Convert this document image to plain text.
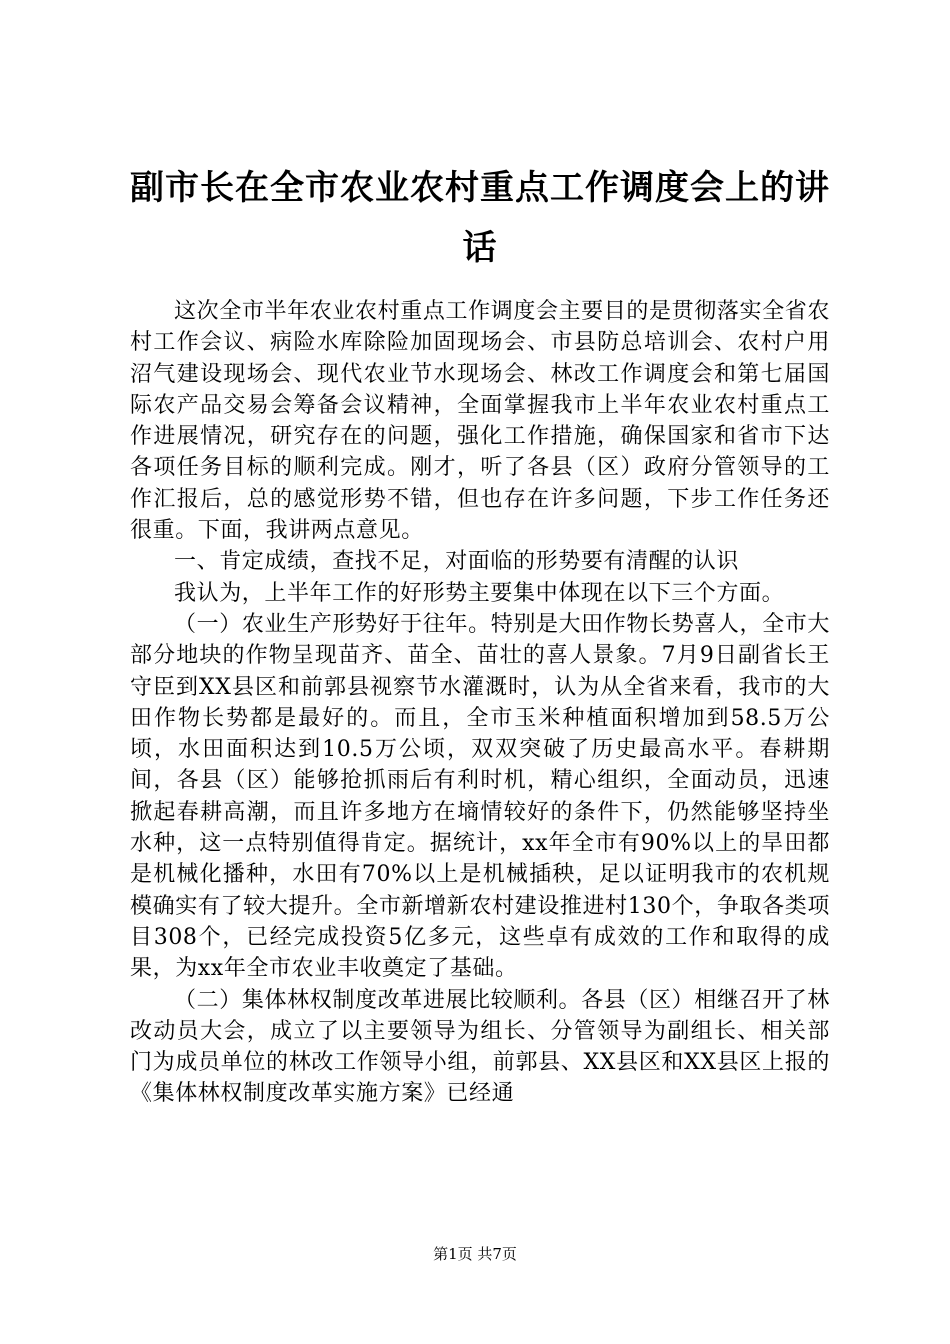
副市长在全市农业农村重点工作调度会上的讲话

这次全市半年农业农村重点工作调度会主要目的是贯彻落实全省农村工作会议、病险水库除险加固现场会、市县防总培训会、农村户用沼气建设现场会、现代农业节水现场会、林改工作调度会和第七届国际农产品交易会筹备会议精神，全面掌握我市上半年农业农村重点工作进展情况，研究存在的问题，强化工作措施，确保国家和省市下达各项任务目标的顺利完成。刚才，听了各县（区）政府分管领导的工作汇报后，总的感觉形势不错，但也存在许多问题，下步工作任务还很重。下面，我讲两点意见。

一、肯定成绩，查找不足，对面临的形势要有清醒的认识

我认为，上半年工作的好形势主要集中体现在以下三个方面。

（一）农业生产形势好于往年。特别是大田作物长势喜人，全市大部分地块的作物呈现苗齐、苗全、苗壮的喜人景象。7月9日副省长王守臣到XX县区和前郭县视察节水灌溉时，认为从全省来看，我市的大田作物长势都是最好的。而且，全市玉米种植面积增加到58.5万公顷，水田面积达到10.5万公顷，双双突破了历史最高水平。春耕期间，各县（区）能够抢抓雨后有利时机，精心组织，全面动员，迅速掀起春耕高潮，而且许多地方在墒情较好的条件下，仍然能够坚持坐水种，这一点特别值得肯定。据统计，xx年全市有90%以上的旱田都是机械化播种，水田有70%以上是机械插秧，足以证明我市的农机规模确实有了较大提升。全市新增新农村建设推进村130个，争取各类项目308个，已经完成投资5亿多元，这些卓有成效的工作和取得的成果，为xx年全市农业丰收奠定了基础。

（二）集体林权制度改革进展比较顺利。各县（区）相继召开了林改动员大会，成立了以主要领导为组长、分管领导为副组长、相关部门为成员单位的林改工作领导小组，前郭县、XX县区和XX县区上报的《集体林权制度改革实施方案》已经通

第1页 共7页
